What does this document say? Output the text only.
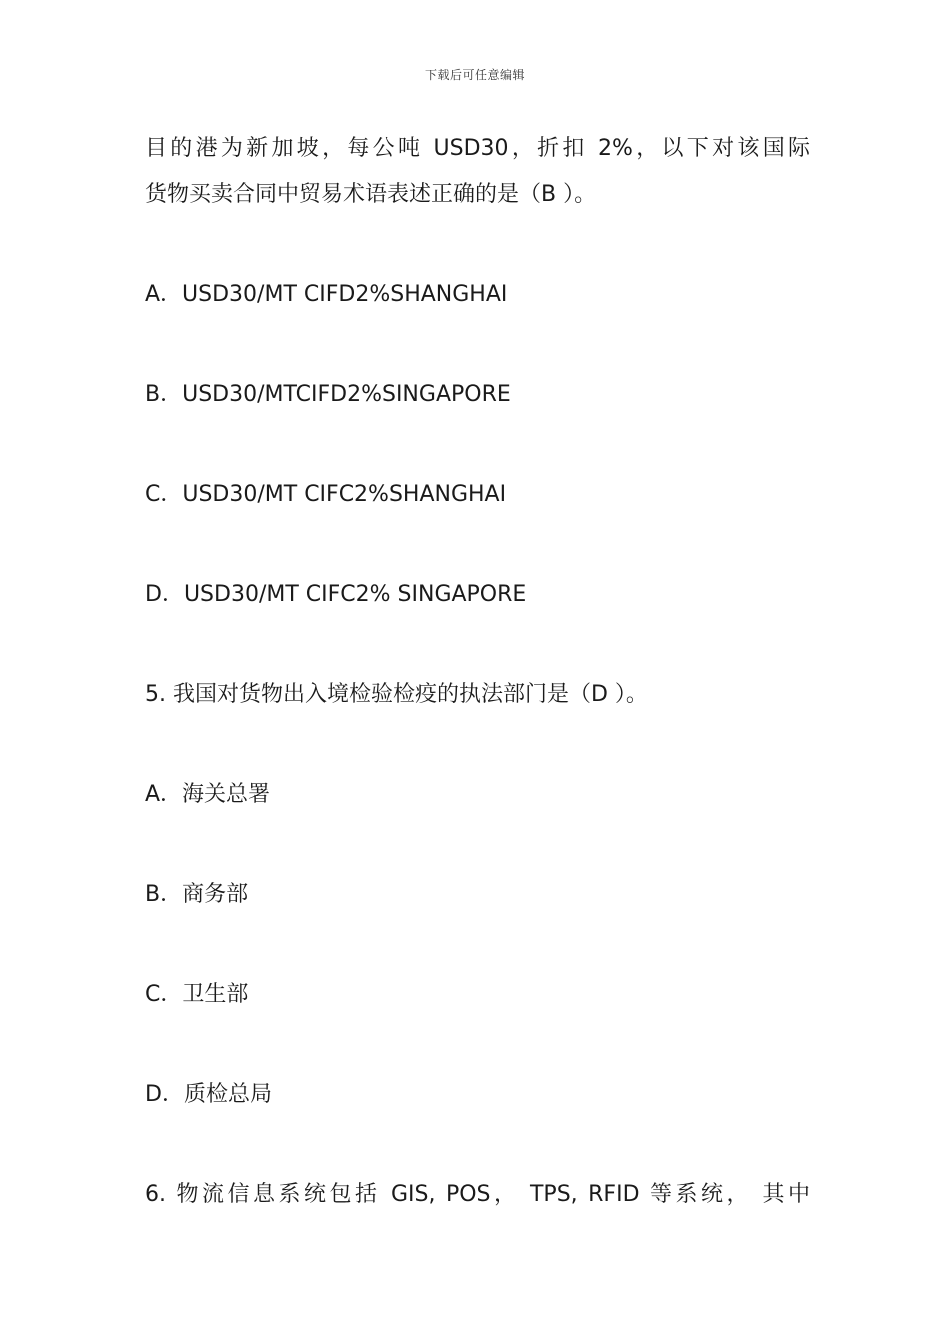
下载后可任意编辑

目的港为新加坡，每公吨 USD30，折扣 2%，以下对该国际

货物买卖合同中贸易术语表述正确的是（B ）。

A．USD30/MT CIFD2%SHANGHAI

B．USD30/MTCIFD2%SINGAPORE

C．USD30/MT CIFC2%SHANGHAI

D．USD30/MT CIFC2% SINGAPORE

5. 我国对货物出入境检验检疫的执法部门是（D ）。

A．海关总署

B．商务部

C．卫生部

D．质检总局

6. 物流信息系统包括 GIS, POS， TPS, RFID 等系统， 其中
